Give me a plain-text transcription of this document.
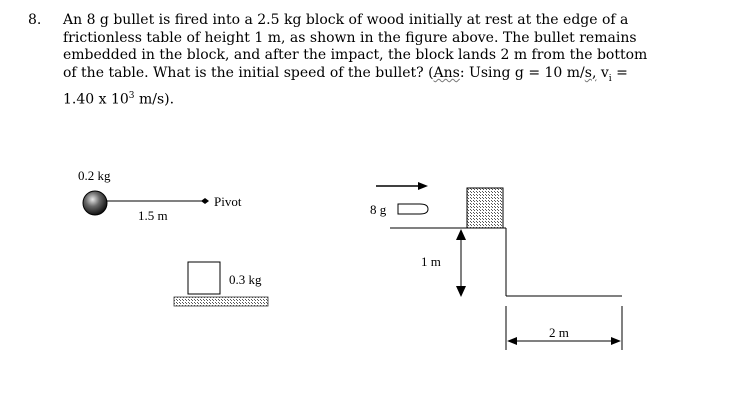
8. An 8 g bullet is fired into a 2.5 kg block of wood initially at rest at the edge of a
frictionless table of height 1 m, as shown in the figure above. The bullet remains
embedded in the block, and after the impact, the block lands 2 m from the bottom
of the table. What is the initial speed of the bullet? (Ans: Using g = 10 m/s, $v_i$ =
1.40 x $10^3$ m/s).
0.2 kg
Pivot
1.5 m
0.3 kg
8 g
1 m
2 m
